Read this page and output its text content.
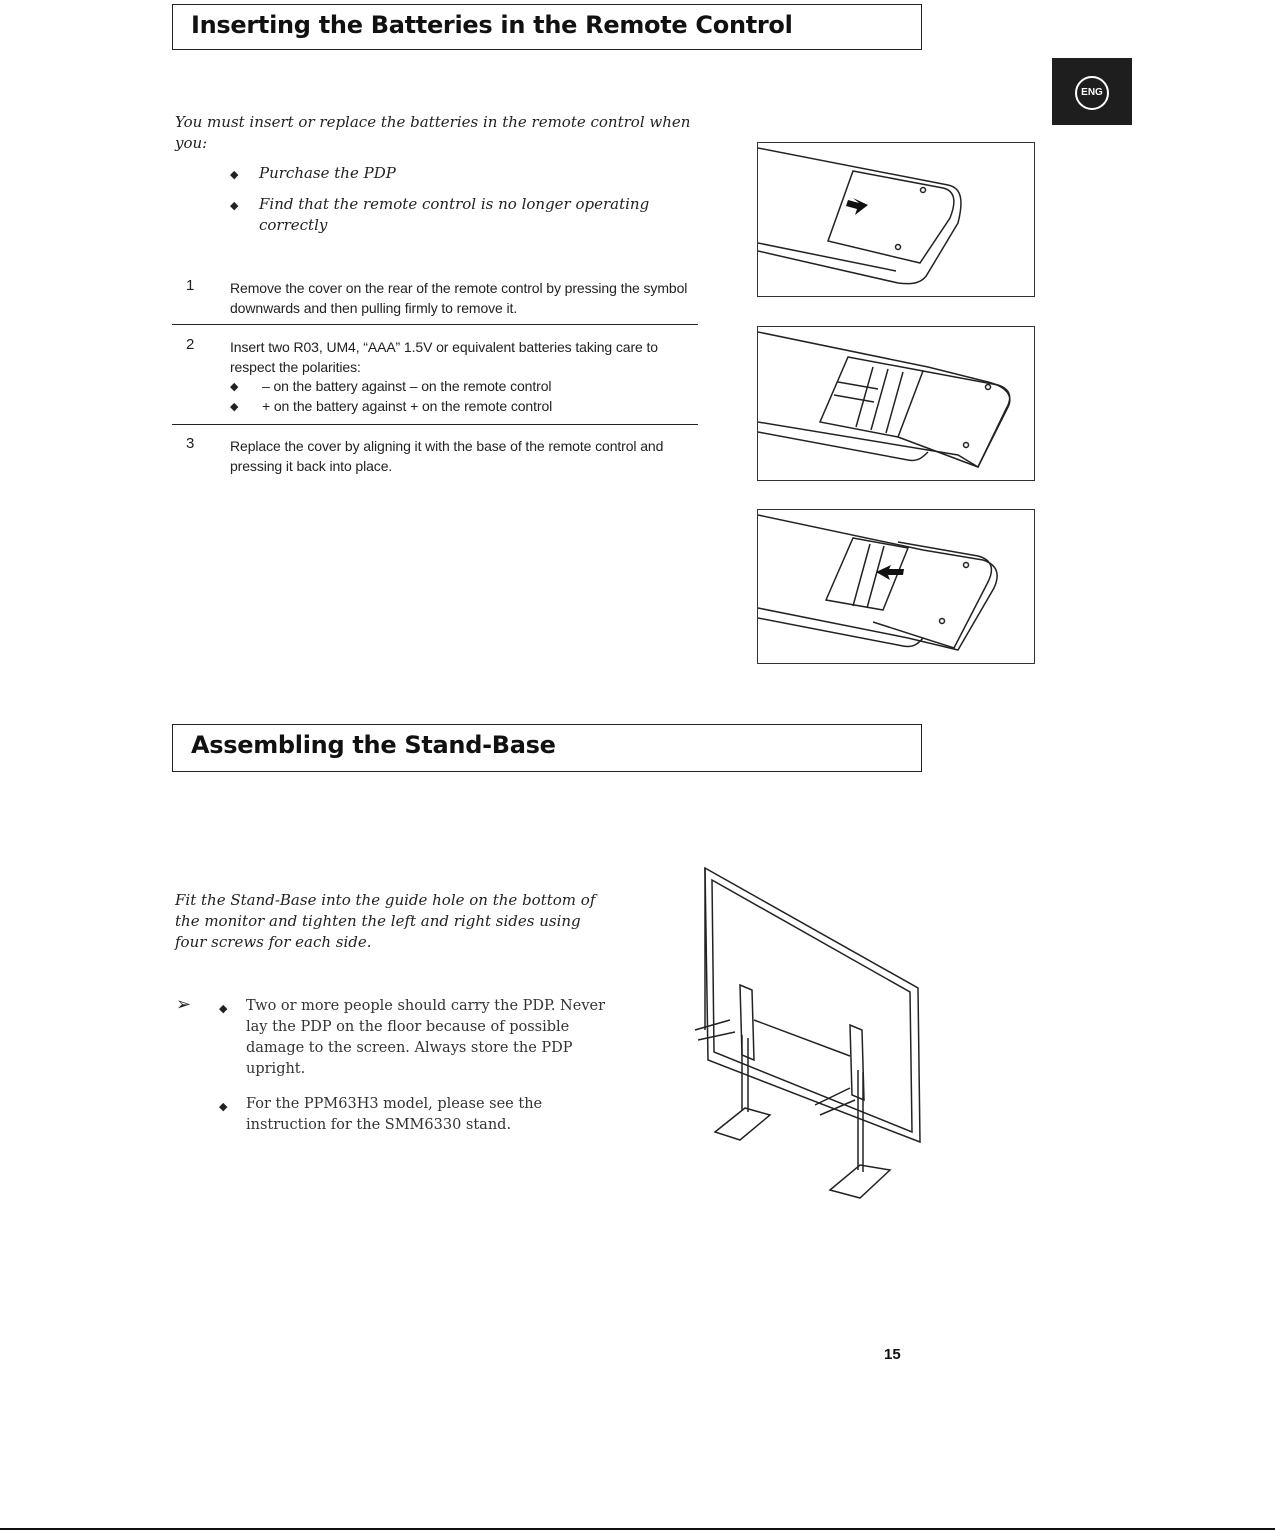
Inserting the Batteries in the Remote Control
ENG
You must insert or replace the batteries in the remote control when you:
◆ Purchase the PDP
◆ Find that the remote control is no longer operating correctly
1	Remove the cover on the rear of the remote control by pressing the symbol downwards and then pulling firmly to remove it.
2	Insert two R03, UM4, “AAA” 1.5V or equivalent batteries taking care to respect the polarities:
◆ – on the battery against – on the remote control
◆ + on the battery against + on the remote control
3	Replace the cover by aligning it with the base of the remote control and pressing it back into place.
Assembling the Stand-Base
Fit the Stand-Base into the guide hole on the bottom of the monitor and tighten the left and right sides using four screws for each side.
➢	◆ Two or more people should carry the PDP. Never lay the PDP on the floor because of possible damage to the screen. Always store the PDP upright.
◆ For the PPM63H3 model, please see the instruction for the SMM6330 stand.
15
